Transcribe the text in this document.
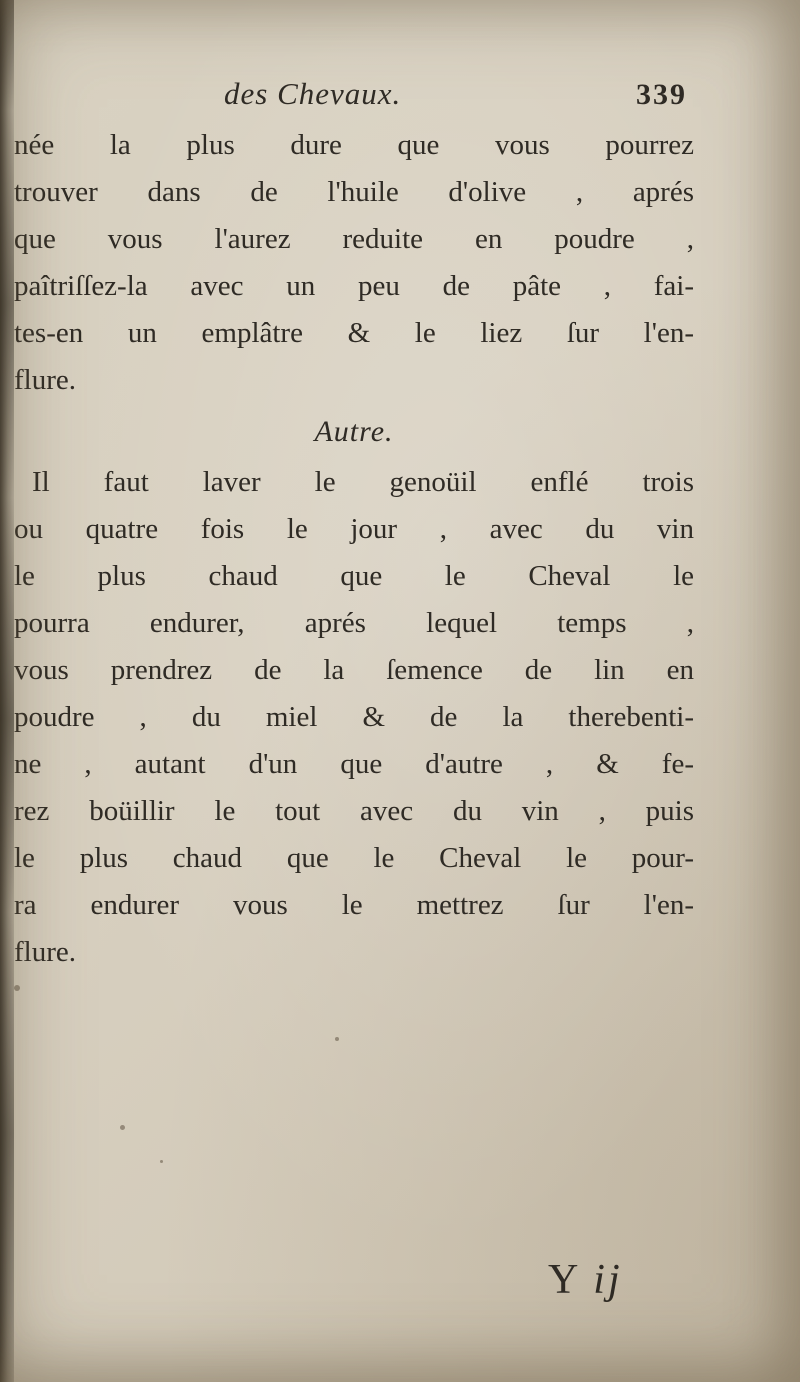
des Chevaux.	339
née la plus dure que vous pourrez
trouver dans de l'huile d'olive , aprés
que vous l'aurez reduite en poudre ,
paîtriſſez-la avec un peu de pâte , fai-
tes-en un emplâtre & le liez ſur l'en-
flure.
Autre.
Il faut laver le genoüil enflé trois
ou quatre fois le jour , avec du vin
le plus chaud que le Cheval le
pourra endurer, aprés lequel temps ,
vous prendrez de la ſemence de lin en
poudre , du miel & de la therebenti-
ne , autant d'un que d'autre , & fe-
rez boüillir le tout avec du vin , puis
le plus chaud que le Cheval le pour-
ra endurer vous le mettrez ſur l'en-
flure.
Y ij
